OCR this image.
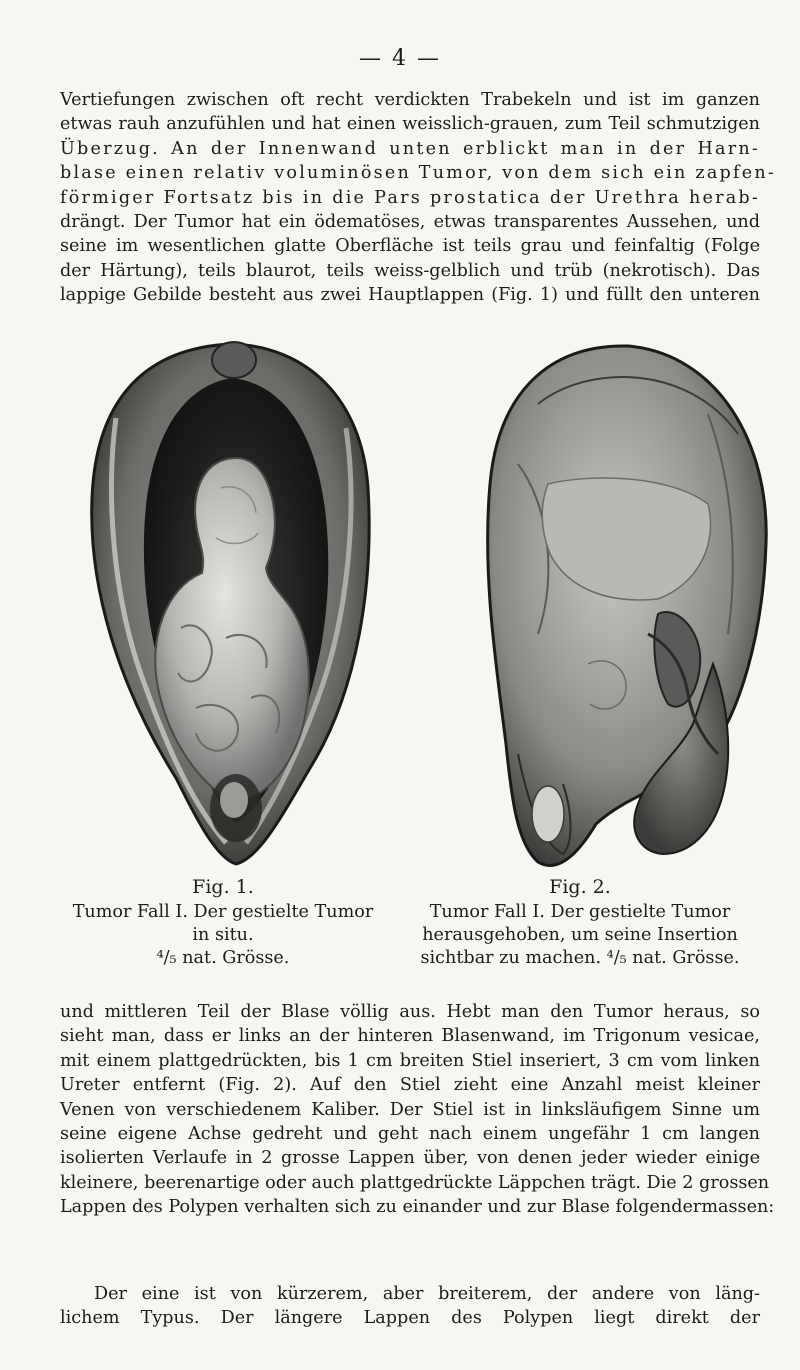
— 4 —

Vertiefungen zwischen oft recht verdickten Trabekeln und ist im ganzen
etwas rauh anzufühlen und hat einen weisslich-grauen, zum Teil schmutzigen
Überzug. An der Innenwand unten erblickt man in der Harn-
blase einen relativ voluminösen Tumor, von dem sich ein zapfen-
förmiger Fortsatz bis in die Pars prostatica der Urethra herab-
drängt. Der Tumor hat ein ödematöses, etwas transparentes Aussehen, und
seine im wesentlichen glatte Oberfläche ist teils grau und feinfaltig (Folge
der Härtung), teils blaurot, teils weiss-gelblich und trüb (nekrotisch). Das
lappige Gebilde besteht aus zwei Hauptlappen (Fig. 1) und füllt den unteren

Fig. 1.
Tumor Fall I. Der gestielte Tumor
in situ.
⁴/₅ nat. Grösse.
Fig. 2.
Tumor Fall I. Der gestielte Tumor
herausgehoben, um seine Insertion
sichtbar zu machen. ⁴/₅ nat. Grösse.

und mittleren Teil der Blase völlig aus. Hebt man den Tumor heraus, so
sieht man, dass er links an der hinteren Blasenwand, im Trigonum vesicae,
mit einem plattgedrückten, bis 1 cm breiten Stiel inseriert, 3 cm vom linken
Ureter entfernt (Fig. 2). Auf den Stiel zieht eine Anzahl meist kleiner
Venen von verschiedenem Kaliber. Der Stiel ist in linksläufigem Sinne um
seine eigene Achse gedreht und geht nach einem ungefähr 1 cm langen
isolierten Verlaufe in 2 grosse Lappen über, von denen jeder wieder einige
kleinere, beerenartige oder auch plattgedrückte Läppchen trägt. Die 2 grossen
Lappen des Polypen verhalten sich zu einander und zur Blase folgendermassen:

Der eine ist von kürzerem, aber breiterem, der andere von läng-
lichem Typus. Der längere Lappen des Polypen liegt direkt der
